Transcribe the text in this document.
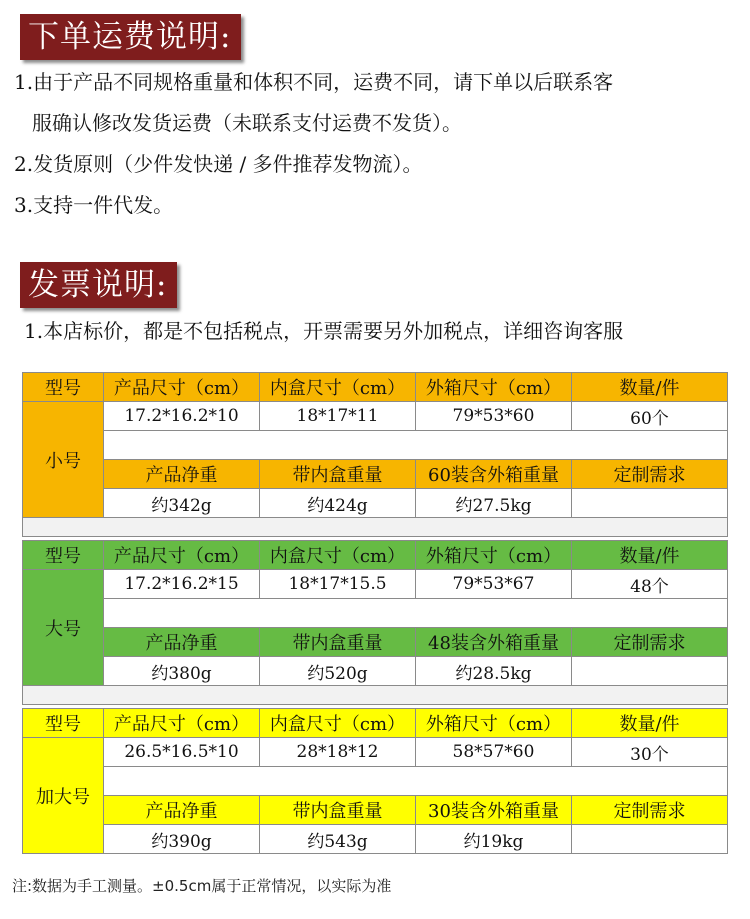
下单运费说明:
1.由于产品不同规格重量和体积不同，运费不同，请下单以后联系客
服确认修改发货运费（未联系支付运费不发货）。
2.发货原则（少件发快递 / 多件推荐发物流）。
3.支持一件代发。
发票说明:
1.本店标价，都是不包括税点，开票需要另外加税点，详细咨询客服
型号	产品尺寸（cm）	内盒尺寸（cm）	外箱尺寸（cm）	数量/件
小号	17.2*16.2*10	18*17*11	79*53*60	60个

	产品净重	带内盒重量	60装含外箱重量	定制需求
	约342g	约424g	约27.5kg	

型号	产品尺寸（cm）	内盒尺寸（cm）	外箱尺寸（cm）	数量/件
大号	17.2*16.2*15	18*17*15.5	79*53*67	48个

	产品净重	带内盒重量	48装含外箱重量	定制需求
	约380g	约520g	约28.5kg	

型号	产品尺寸（cm）	内盒尺寸（cm）	外箱尺寸（cm）	数量/件
加大号	26.5*16.5*10	28*18*12	58*57*60	30个

	产品净重	带内盒重量	30装含外箱重量	定制需求
	约390g	约543g	约19kg	
注:数据为手工测量。±0.5cm属于正常情况，以实际为准
